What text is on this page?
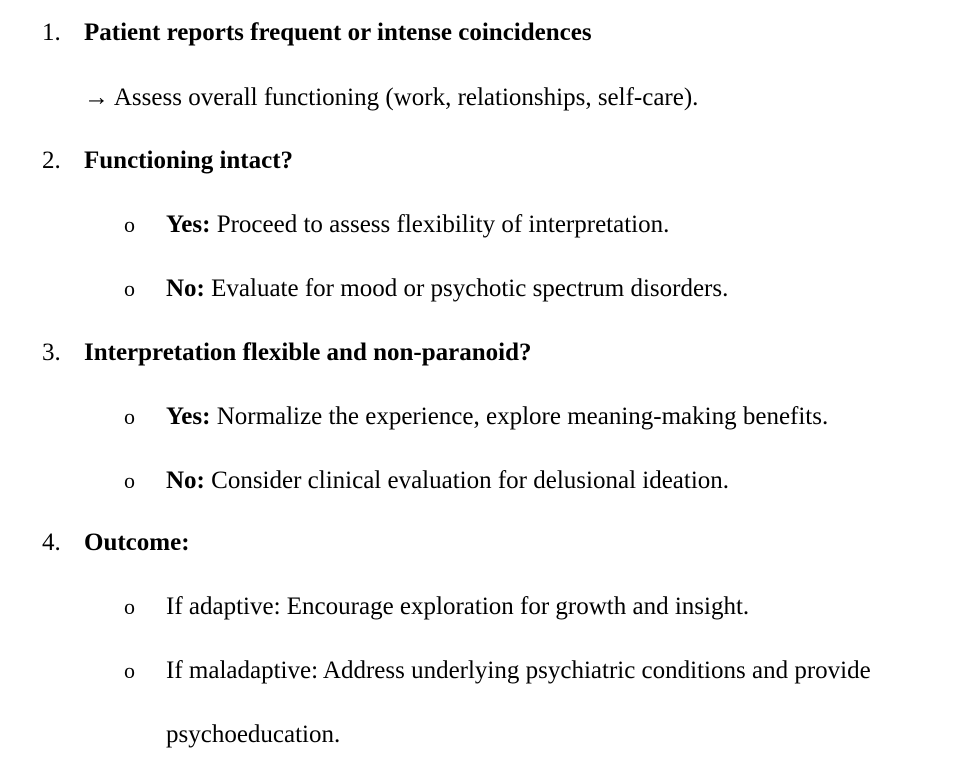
1. Patient reports frequent or intense coincidences
→ Assess overall functioning (work, relationships, self-care).
2. Functioning intact?
o Yes: Proceed to assess flexibility of interpretation.
o No: Evaluate for mood or psychotic spectrum disorders.
3. Interpretation flexible and non-paranoid?
o Yes: Normalize the experience, explore meaning-making benefits.
o No: Consider clinical evaluation for delusional ideation.
4. Outcome:
o If adaptive: Encourage exploration for growth and insight.
o If maladaptive: Address underlying psychiatric conditions and provide
psychoeducation.
